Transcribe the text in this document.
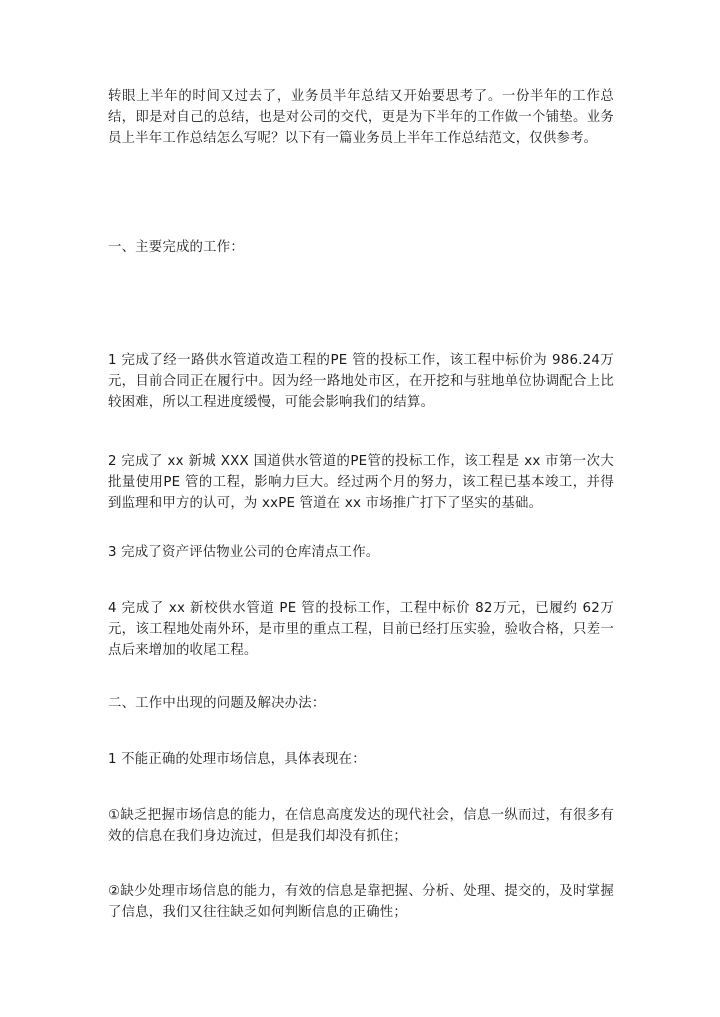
转眼上半年的时间又过去了，业务员半年总结又开始要思考了。一份半年的工作总结，即是对自己的总结，也是对公司的交代，更是为下半年的工作做一个铺垫。业务员上半年工作总结怎么写呢？以下有一篇业务员上半年工作总结范文，仅供参考。

一、主要完成的工作：

1 完成了经一路供水管道改造工程的PE 管的投标工作，该工程中标价为 986.24万元，目前合同正在履行中。因为经一路地处市区，在开挖和与驻地单位协调配合上比较困难，所以工程进度缓慢，可能会影响我们的结算。

2 完成了 xx 新城 XXX 国道供水管道的PE管的投标工作，该工程是 xx 市第一次大批量使用PE 管的工程，影响力巨大。经过两个月的努力，该工程已基本竣工，并得到监理和甲方的认可，为 xxPE 管道在 xx 市场推广打下了坚实的基础。

3 完成了资产评估物业公司的仓库清点工作。

4 完成了 xx 新校供水管道 PE 管的投标工作，工程中标价 82万元，已履约 62万元，该工程地处南外环，是市里的重点工程，目前已经打压实验，验收合格，只差一点后来增加的收尾工程。

二、工作中出现的问题及解决办法：

1 不能正确的处理市场信息，具体表现在：

①缺乏把握市场信息的能力，在信息高度发达的现代社会，信息一纵而过，有很多有效的信息在我们身边流过，但是我们却没有抓住；

②缺少处理市场信息的能力，有效的信息是靠把握、分析、处理、提交的，及时掌握了信息，我们又往往缺乏如何判断信息的正确性；
